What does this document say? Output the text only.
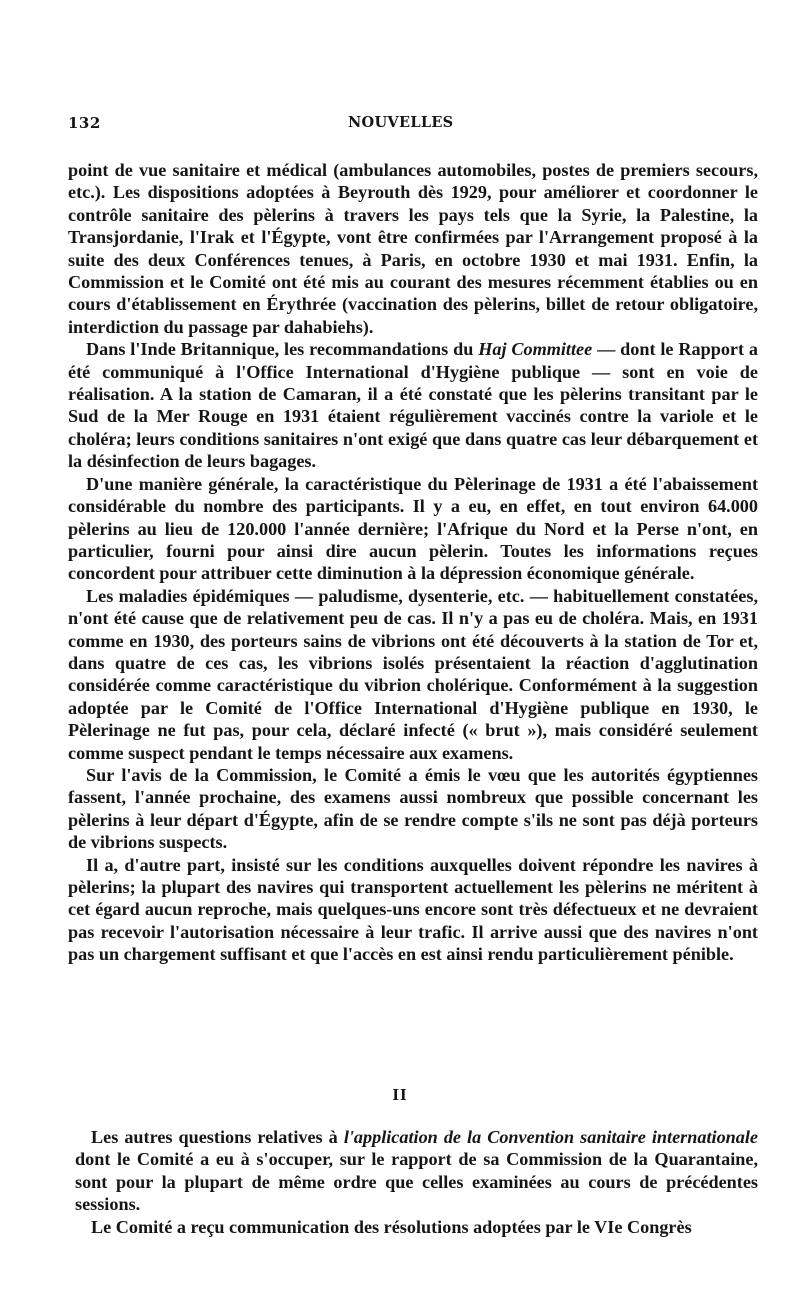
132	NOUVELLES

point de vue sanitaire et médical (ambulances automobiles, postes de premiers secours, etc.). Les dispositions adoptées à Beyrouth dès 1929, pour améliorer et coordonner le contrôle sanitaire des pèlerins à travers les pays tels que la Syrie, la Palestine, la Transjordanie, l'Irak et l'Égypte, vont être confirmées par l'Arrangement proposé à la suite des deux Conférences tenues, à Paris, en octobre 1930 et mai 1931. Enfin, la Commission et le Comité ont été mis au courant des mesures récemment établies ou en cours d'établissement en Érythrée (vaccination des pèlerins, billet de retour obligatoire, interdiction du passage par dahabiehs).

Dans l'Inde Britannique, les recommandations du Haj Committee — dont le Rapport a été communiqué à l'Office International d'Hygiène publique — sont en voie de réalisation. A la station de Camaran, il a été constaté que les pèlerins transitant par le Sud de la Mer Rouge en 1931 étaient régulièrement vaccinés contre la variole et le choléra; leurs conditions sanitaires n'ont exigé que dans quatre cas leur débarquement et la désinfection de leurs bagages.

D'une manière générale, la caractéristique du Pèlerinage de 1931 a été l'abaissement considérable du nombre des participants. Il y a eu, en effet, en tout environ 64.000 pèlerins au lieu de 120.000 l'année dernière; l'Afrique du Nord et la Perse n'ont, en particulier, fourni pour ainsi dire aucun pèlerin. Toutes les informations reçues concordent pour attribuer cette diminution à la dépression économique générale.

Les maladies épidémiques — paludisme, dysenterie, etc. — habituellement constatées, n'ont été cause que de relativement peu de cas. Il n'y a pas eu de choléra. Mais, en 1931 comme en 1930, des porteurs sains de vibrions ont été découverts à la station de Tor et, dans quatre de ces cas, les vibrions isolés présentaient la réaction d'agglutination considérée comme caractéristique du vibrion cholérique. Conformément à la suggestion adoptée par le Comité de l'Office International d'Hygiène publique en 1930, le Pèlerinage ne fut pas, pour cela, déclaré infecté (« brut »), mais considéré seulement comme suspect pendant le temps nécessaire aux examens.

Sur l'avis de la Commission, le Comité a émis le vœu que les autorités égyptiennes fassent, l'année prochaine, des examens aussi nombreux que possible concernant les pèlerins à leur départ d'Égypte, afin de se rendre compte s'ils ne sont pas déjà porteurs de vibrions suspects.

Il a, d'autre part, insisté sur les conditions auxquelles doivent répondre les navires à pèlerins; la plupart des navires qui transportent actuellement les pèlerins ne méritent à cet égard aucun reproche, mais quelques-uns encore sont très défectueux et ne devraient pas recevoir l'autorisation nécessaire à leur trafic. Il arrive aussi que des navires n'ont pas un chargement suffisant et que l'accès en est ainsi rendu particulièrement pénible.

II

Les autres questions relatives à l'application de la Convention sanitaire internationale dont le Comité a eu à s'occuper, sur le rapport de sa Commission de la Quarantaine, sont pour la plupart de même ordre que celles examinées au cours de précédentes sessions.

Le Comité a reçu communication des résolutions adoptées par le VIe Congrès
